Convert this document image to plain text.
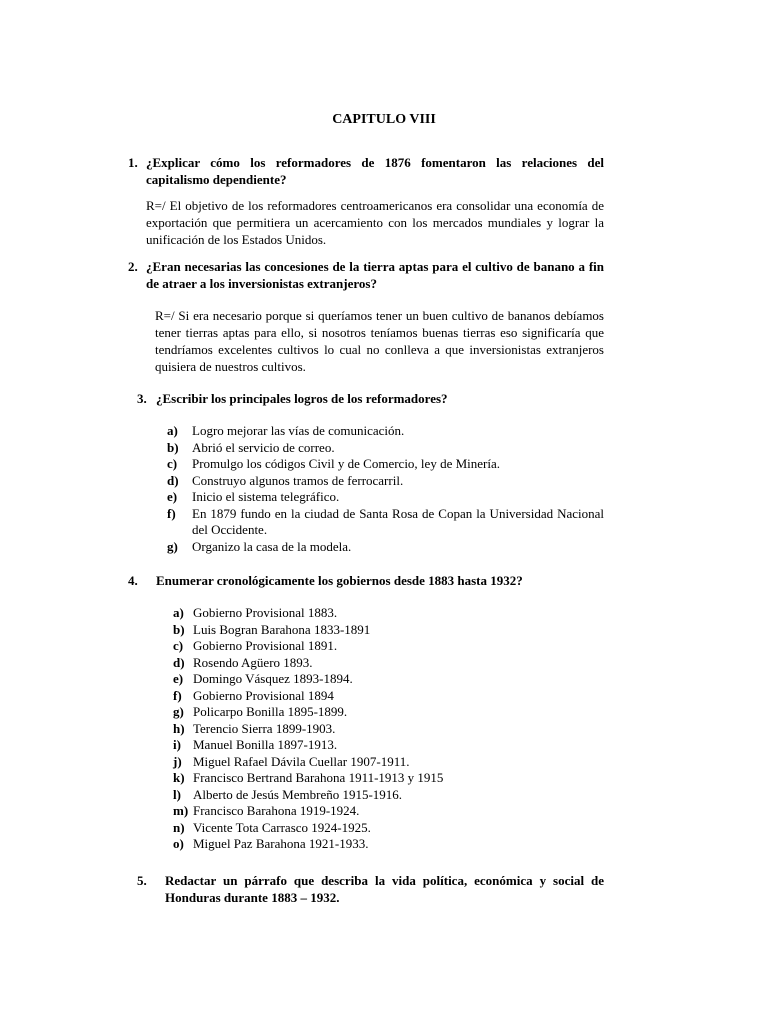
CAPITULO VIII
1. ¿Explicar cómo los reformadores de 1876 fomentaron las relaciones del capitalismo dependiente?
R=/ El objetivo de los reformadores centroamericanos era consolidar una economía de exportación que permitiera un acercamiento con los mercados mundiales y lograr la unificación de los Estados Unidos.
2. ¿Eran necesarias las concesiones de la tierra aptas para el cultivo de banano a fin de atraer a los inversionistas extranjeros?
R=/ Si era necesario porque si queríamos tener un buen cultivo de bananos debíamos tener tierras aptas para ello, si nosotros teníamos buenas tierras eso significaría que tendríamos excelentes cultivos lo cual no conlleva a que inversionistas extranjeros quisiera de nuestros cultivos.
3. ¿Escribir los principales logros de los reformadores?
a)	Logro mejorar las vías de comunicación.
b)	Abrió el servicio de correo.
c)	Promulgo los códigos Civil y de Comercio, ley de Minería.
d)	Construyo algunos tramos de ferrocarril.
e)	Inicio el sistema telegráfico.
f)	En 1879 fundo en la ciudad de Santa Rosa de Copan la Universidad Nacional del Occidente.
g)	Organizo la casa de la modela.
4.	Enumerar cronológicamente los gobiernos desde 1883 hasta 1932?
a) Gobierno Provisional 1883.
b) Luis Bogran Barahona 1833-1891
c) Gobierno Provisional 1891.
d) Rosendo Agüero 1893.
e) Domingo Vásquez 1893-1894.
f) Gobierno Provisional 1894
g) Policarpo Bonilla 1895-1899.
h) Terencio Sierra 1899-1903.
i) Manuel Bonilla 1897-1913.
j) Miguel Rafael Dávila Cuellar 1907-1911.
k) Francisco Bertrand Barahona 1911-1913 y 1915
l) Alberto de Jesús Membreño 1915-1916.
m) Francisco Barahona 1919-1924.
n) Vicente Tota Carrasco 1924-1925.
o) Miguel Paz Barahona 1921-1933.
5.	Redactar un párrafo que describa la vida política, económica y social de Honduras durante 1883 – 1932.
